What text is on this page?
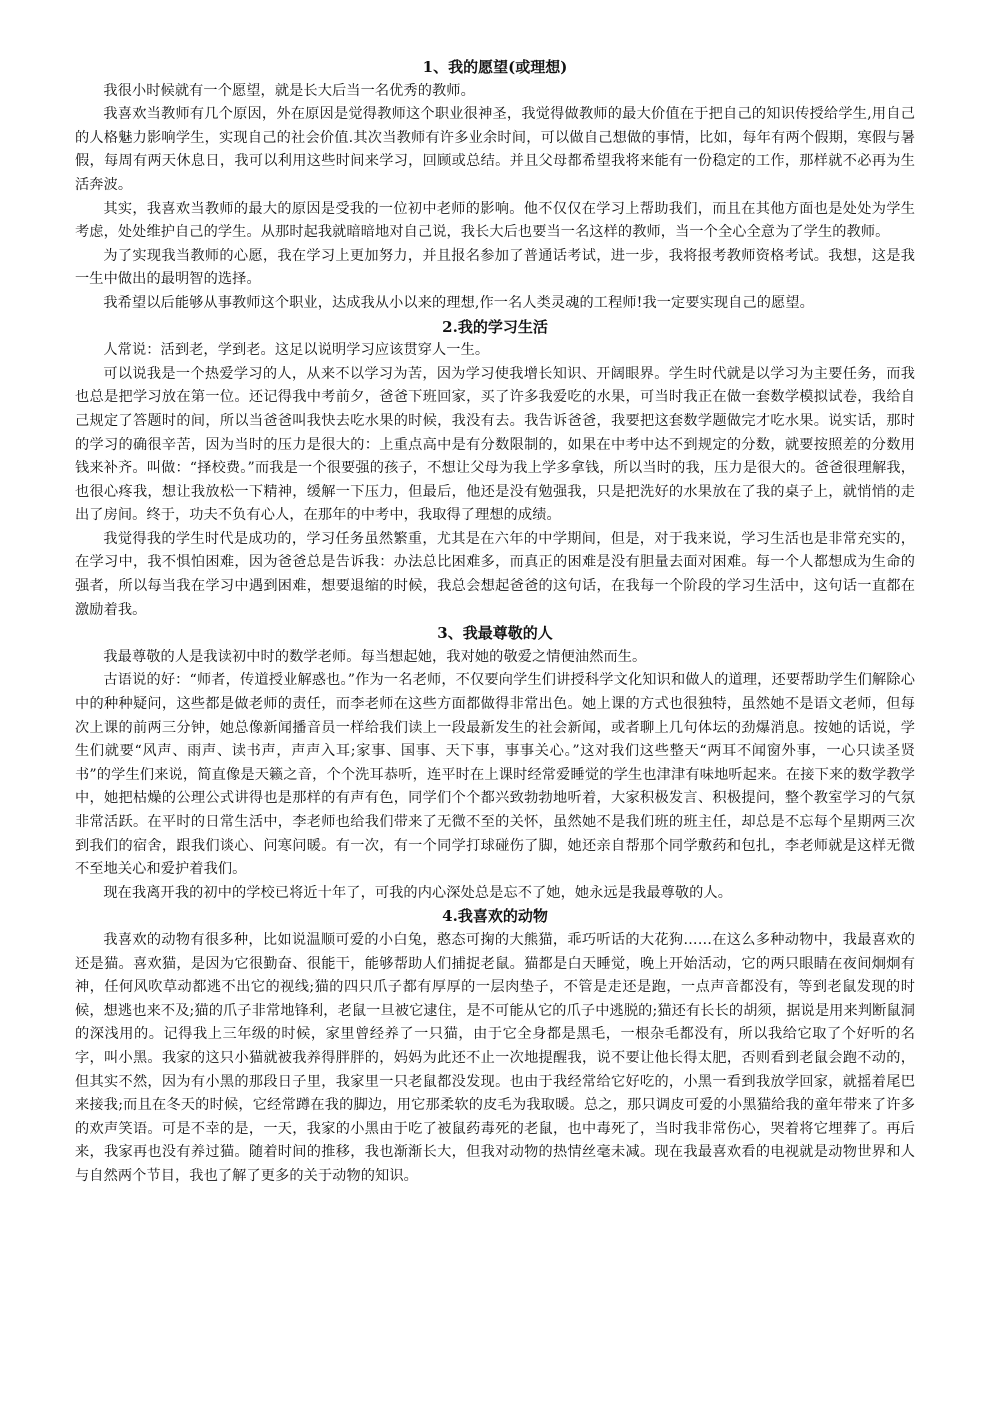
1、我的愿望(或理想)

我很小时候就有一个愿望，就是长大后当一名优秀的教师。

我喜欢当教师有几个原因，外在原因是觉得教师这个职业很神圣，我觉得做教师的最大价值在于把自己的知识传授给学生,用自己的人格魅力影响学生，实现自己的社会价值.其次当教师有许多业余时间，可以做自己想做的事情，比如，每年有两个假期，寒假与暑假，每周有两天休息日，我可以利用这些时间来学习，回顾或总结。并且父母都希望我将来能有一份稳定的工作，那样就不必再为生活奔波。

其实，我喜欢当教师的最大的原因是受我的一位初中老师的影响。他不仅仅在学习上帮助我们，而且在其他方面也是处处为学生考虑，处处维护自己的学生。从那时起我就暗暗地对自己说，我长大后也要当一名这样的教师，当一个全心全意为了学生的教师。

为了实现我当教师的心愿，我在学习上更加努力，并且报名参加了普通话考试，进一步，我将报考教师资格考试。我想，这是我一生中做出的最明智的选择。

我希望以后能够从事教师这个职业，达成我从小以来的理想,作一名人类灵魂的工程师!我一定要实现自己的愿望。

2.我的学习生活

人常说：活到老，学到老。这足以说明学习应该贯穿人一生。

可以说我是一个热爱学习的人，从来不以学习为苦，因为学习使我增长知识、开阔眼界。学生时代就是以学习为主要任务，而我也总是把学习放在第一位。还记得我中考前夕，爸爸下班回家，买了许多我爱吃的水果，可当时我正在做一套数学模拟试卷，我给自己规定了答题时的间，所以当爸爸叫我快去吃水果的时候，我没有去。我告诉爸爸，我要把这套数学题做完才吃水果。说实话，那时的学习的确很辛苦，因为当时的压力是很大的：上重点高中是有分数限制的，如果在中考中达不到规定的分数，就要按照差的分数用钱来补齐。叫做：“择校费。”而我是一个很要强的孩子，不想让父母为我上学多拿钱，所以当时的我，压力是很大的。爸爸很理解我，也很心疼我，想让我放松一下精神，缓解一下压力，但最后，他还是没有勉强我，只是把洗好的水果放在了我的桌子上，就悄悄的走出了房间。终于，功夫不负有心人，在那年的中考中，我取得了理想的成绩。

我觉得我的学生时代是成功的，学习任务虽然繁重，尤其是在六年的中学期间，但是，对于我来说，学习生活也是非常充实的，在学习中，我不惧怕困难，因为爸爸总是告诉我：办法总比困难多，而真正的困难是没有胆量去面对困难。每一个人都想成为生命的强者，所以每当我在学习中遇到困难，想要退缩的时候，我总会想起爸爸的这句话，在我每一个阶段的学习生活中，这句话一直都在激励着我。

3、我最尊敬的人

我最尊敬的人是我读初中时的数学老师。每当想起她，我对她的敬爱之情便油然而生。

古语说的好：“师者，传道授业解惑也。”作为一名老师，不仅要向学生们讲授科学文化知识和做人的道理，还要帮助学生们解除心中的种种疑问，这些都是做老师的责任，而李老师在这些方面都做得非常出色。她上课的方式也很独特，虽然她不是语文老师，但每次上课的前两三分钟，她总像新闻播音员一样给我们读上一段最新发生的社会新闻，或者聊上几句体坛的劲爆消息。按她的话说，学生们就要“风声、雨声、读书声，声声入耳;家事、国事、天下事，事事关心。”这对我们这些整天“两耳不闻窗外事，一心只读圣贤书”的学生们来说，简直像是天籁之音，个个洗耳恭听，连平时在上课时经常爱睡觉的学生也津津有味地听起来。在接下来的数学教学中，她把枯燥的公理公式讲得也是那样的有声有色，同学们个个都兴致勃勃地听着，大家积极发言、积极提问，整个教室学习的气氛非常活跃。在平时的日常生活中，李老师也给我们带来了无微不至的关怀，虽然她不是我们班的班主任，却总是不忘每个星期两三次到我们的宿舍，跟我们谈心、问寒问暖。有一次，有一个同学打球碰伤了脚，她还亲自帮那个同学敷药和包扎，李老师就是这样无微不至地关心和爱护着我们。

现在我离开我的初中的学校已将近十年了，可我的内心深处总是忘不了她，她永远是我最尊敬的人。

4.我喜欢的动物

我喜欢的动物有很多种，比如说温顺可爱的小白兔，憨态可掬的大熊猫，乖巧听话的大花狗……在这么多种动物中，我最喜欢的还是猫。喜欢猫，是因为它很勤奋、很能干，能够帮助人们捕捉老鼠。猫都是白天睡觉，晚上开始活动，它的两只眼睛在夜间炯炯有神，任何风吹草动都逃不出它的视线;猫的四只爪子都有厚厚的一层肉垫子，不管是走还是跑，一点声音都没有，等到老鼠发现的时候，想逃也来不及;猫的爪子非常地锋利，老鼠一旦被它逮住，是不可能从它的爪子中逃脱的;猫还有长长的胡须，据说是用来判断鼠洞的深浅用的。记得我上三年级的时候，家里曾经养了一只猫，由于它全身都是黑毛，一根杂毛都没有，所以我给它取了个好听的名字，叫小黑。我家的这只小猫就被我养得胖胖的，妈妈为此还不止一次地提醒我，说不要让他长得太肥，否则看到老鼠会跑不动的，但其实不然，因为有小黑的那段日子里，我家里一只老鼠都没发现。也由于我经常给它好吃的，小黑一看到我放学回家，就摇着尾巴来接我;而且在冬天的时候，它经常蹲在我的脚边，用它那柔软的皮毛为我取暖。总之，那只调皮可爱的小黑猫给我的童年带来了许多的欢声笑语。可是不幸的是，一天，我家的小黑由于吃了被鼠药毒死的老鼠，也中毒死了，当时我非常伤心，哭着将它埋葬了。再后来，我家再也没有养过猫。随着时间的推移，我也渐渐长大，但我对动物的热情丝毫未减。现在我最喜欢看的电视就是动物世界和人与自然两个节目，我也了解了更多的关于动物的知识。
